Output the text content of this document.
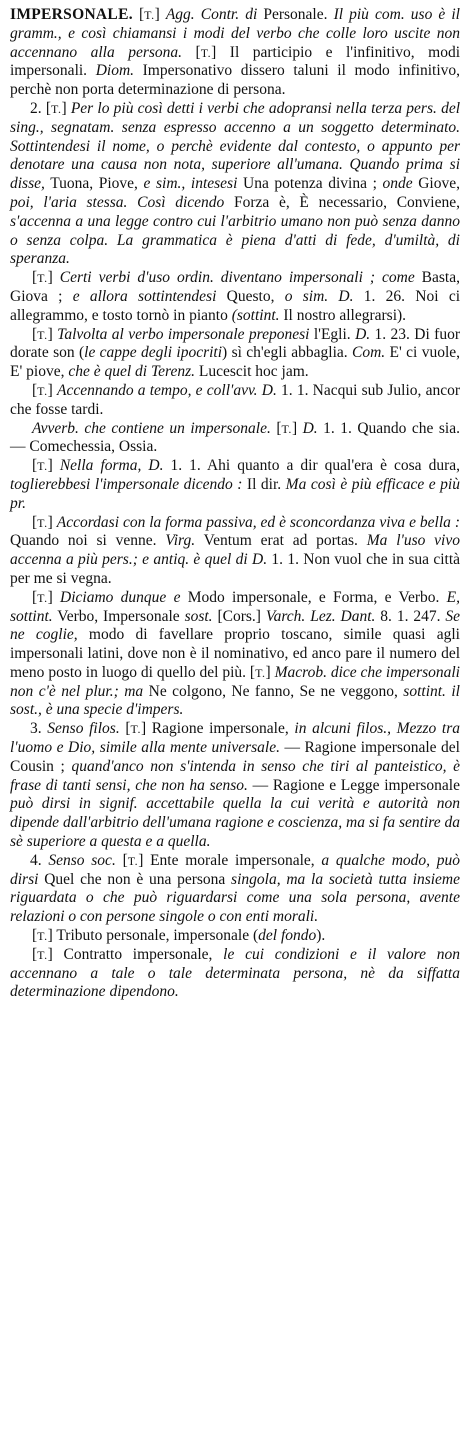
IMPERSONALE. [T.] Agg. Contr. di Personale. Il più com. uso è il gramm., e così chiamansi i modi del verbo che colle loro uscite non accennano alla persona. [T.] Il participio e l'infinitivo, modi impersonali. Diom. Impersonativo dissero taluni il modo infinitivo, perchè non porta determinazione di persona.

2. [T.] Per lo più così detti i verbi che adopransi nella terza pers. del sing., segnatam. senza espresso accenno a un soggetto determinato. Sottintendesi il nome, o perchè evidente dal contesto, o appunto per denotare una causa non nota, superiore all'umana. Quando prima si disse, Tuona, Piove, e sim., intesesi Una potenza divina ; onde Giove, poi, l'aria stessa. Così dicendo Forza è, È necessario, Conviene, s'accenna a una legge contro cui l'arbitrio umano non può senza danno o senza colpa. La grammatica è piena d'atti di fede, d'umiltà, di speranza.

[T.] Certi verbi d'uso ordin. diventano impersonali ; come Basta, Giova ; e allora sottintendesi Questo, o sim. D. 1. 26. Noi ci allegrammo, e tosto tornò in pianto (sottint. Il nostro allegrarsi).

[T.] Talvolta al verbo impersonale preponesi l'Egli. D. 1. 23. Di fuor dorate son (le cappe degli ipocriti) sì ch'egli abbaglia. Com. E' ci vuole, E' piove, che è quel di Terenz. Lucescit hoc jam.

[T.] Accennando a tempo, e coll'avv. D. 1. 1. Nacqui sub Julio, ancor che fosse tardi.

Avverb. che contiene un impersonale. [T.] D. 1. 1. Quando che sia. — Comechessia, Ossia.

[T.] Nella forma, D. 1. 1. Ahi quanto a dir qual'era è cosa dura, toglierebbesi l'impersonale dicendo : Il dir. Ma così è più efficace e più pr.

[T.] Accordasi con la forma passiva, ed è sconcordanza viva e bella : Quando noi si venne. Virg. Ventum erat ad portas. Ma l'uso vivo accenna a più pers.; e antiq. è quel di D. 1. 1. Non vuol che in sua città per me si vegna.

[T.] Diciamo dunque e Modo impersonale, e Forma, e Verbo. E, sottint. Verbo, Impersonale sost. [Cors.] Varch. Lez. Dant. 8. 1. 247. Se ne coglie, modo di favellare proprio toscano, simile quasi agli impersonali latini, dove non è il nominativo, ed anco pare il numero del meno posto in luogo di quello del più. [T.] Macrob. dice che impersonali non c'è nel plur.; ma Ne colgono, Ne fanno, Se ne veggono, sottint. il sost., è una specie d'impers.

3. Senso filos. [T.] Ragione impersonale, in alcuni filos., Mezzo tra l'uomo e Dio, simile alla mente universale. — Ragione impersonale del Cousin ; quand'anco non s'intenda in senso che tiri al panteistico, è frase di tanti sensi, che non ha senso. — Ragione e Legge impersonale può dirsi in signif. accettabile quella la cui verità e autorità non dipende dall'arbitrio dell'umana ragione e coscienza, ma si fa sentire da sè superiore a questa e a quella.

4. Senso soc. [T.] Ente morale impersonale, a qualche modo, può dirsi Quel che non è una persona singola, ma la società tutta insieme riguardata o che può riguardarsi come una sola persona, avente relazioni o con persone singole o con enti morali.

[T.] Tributo personale, impersonale (del fondo).

[T.] Contratto impersonale, le cui condizioni e il valore non accennano a tale o tale determinata persona, nè da siffatta determinazione dipendono.
